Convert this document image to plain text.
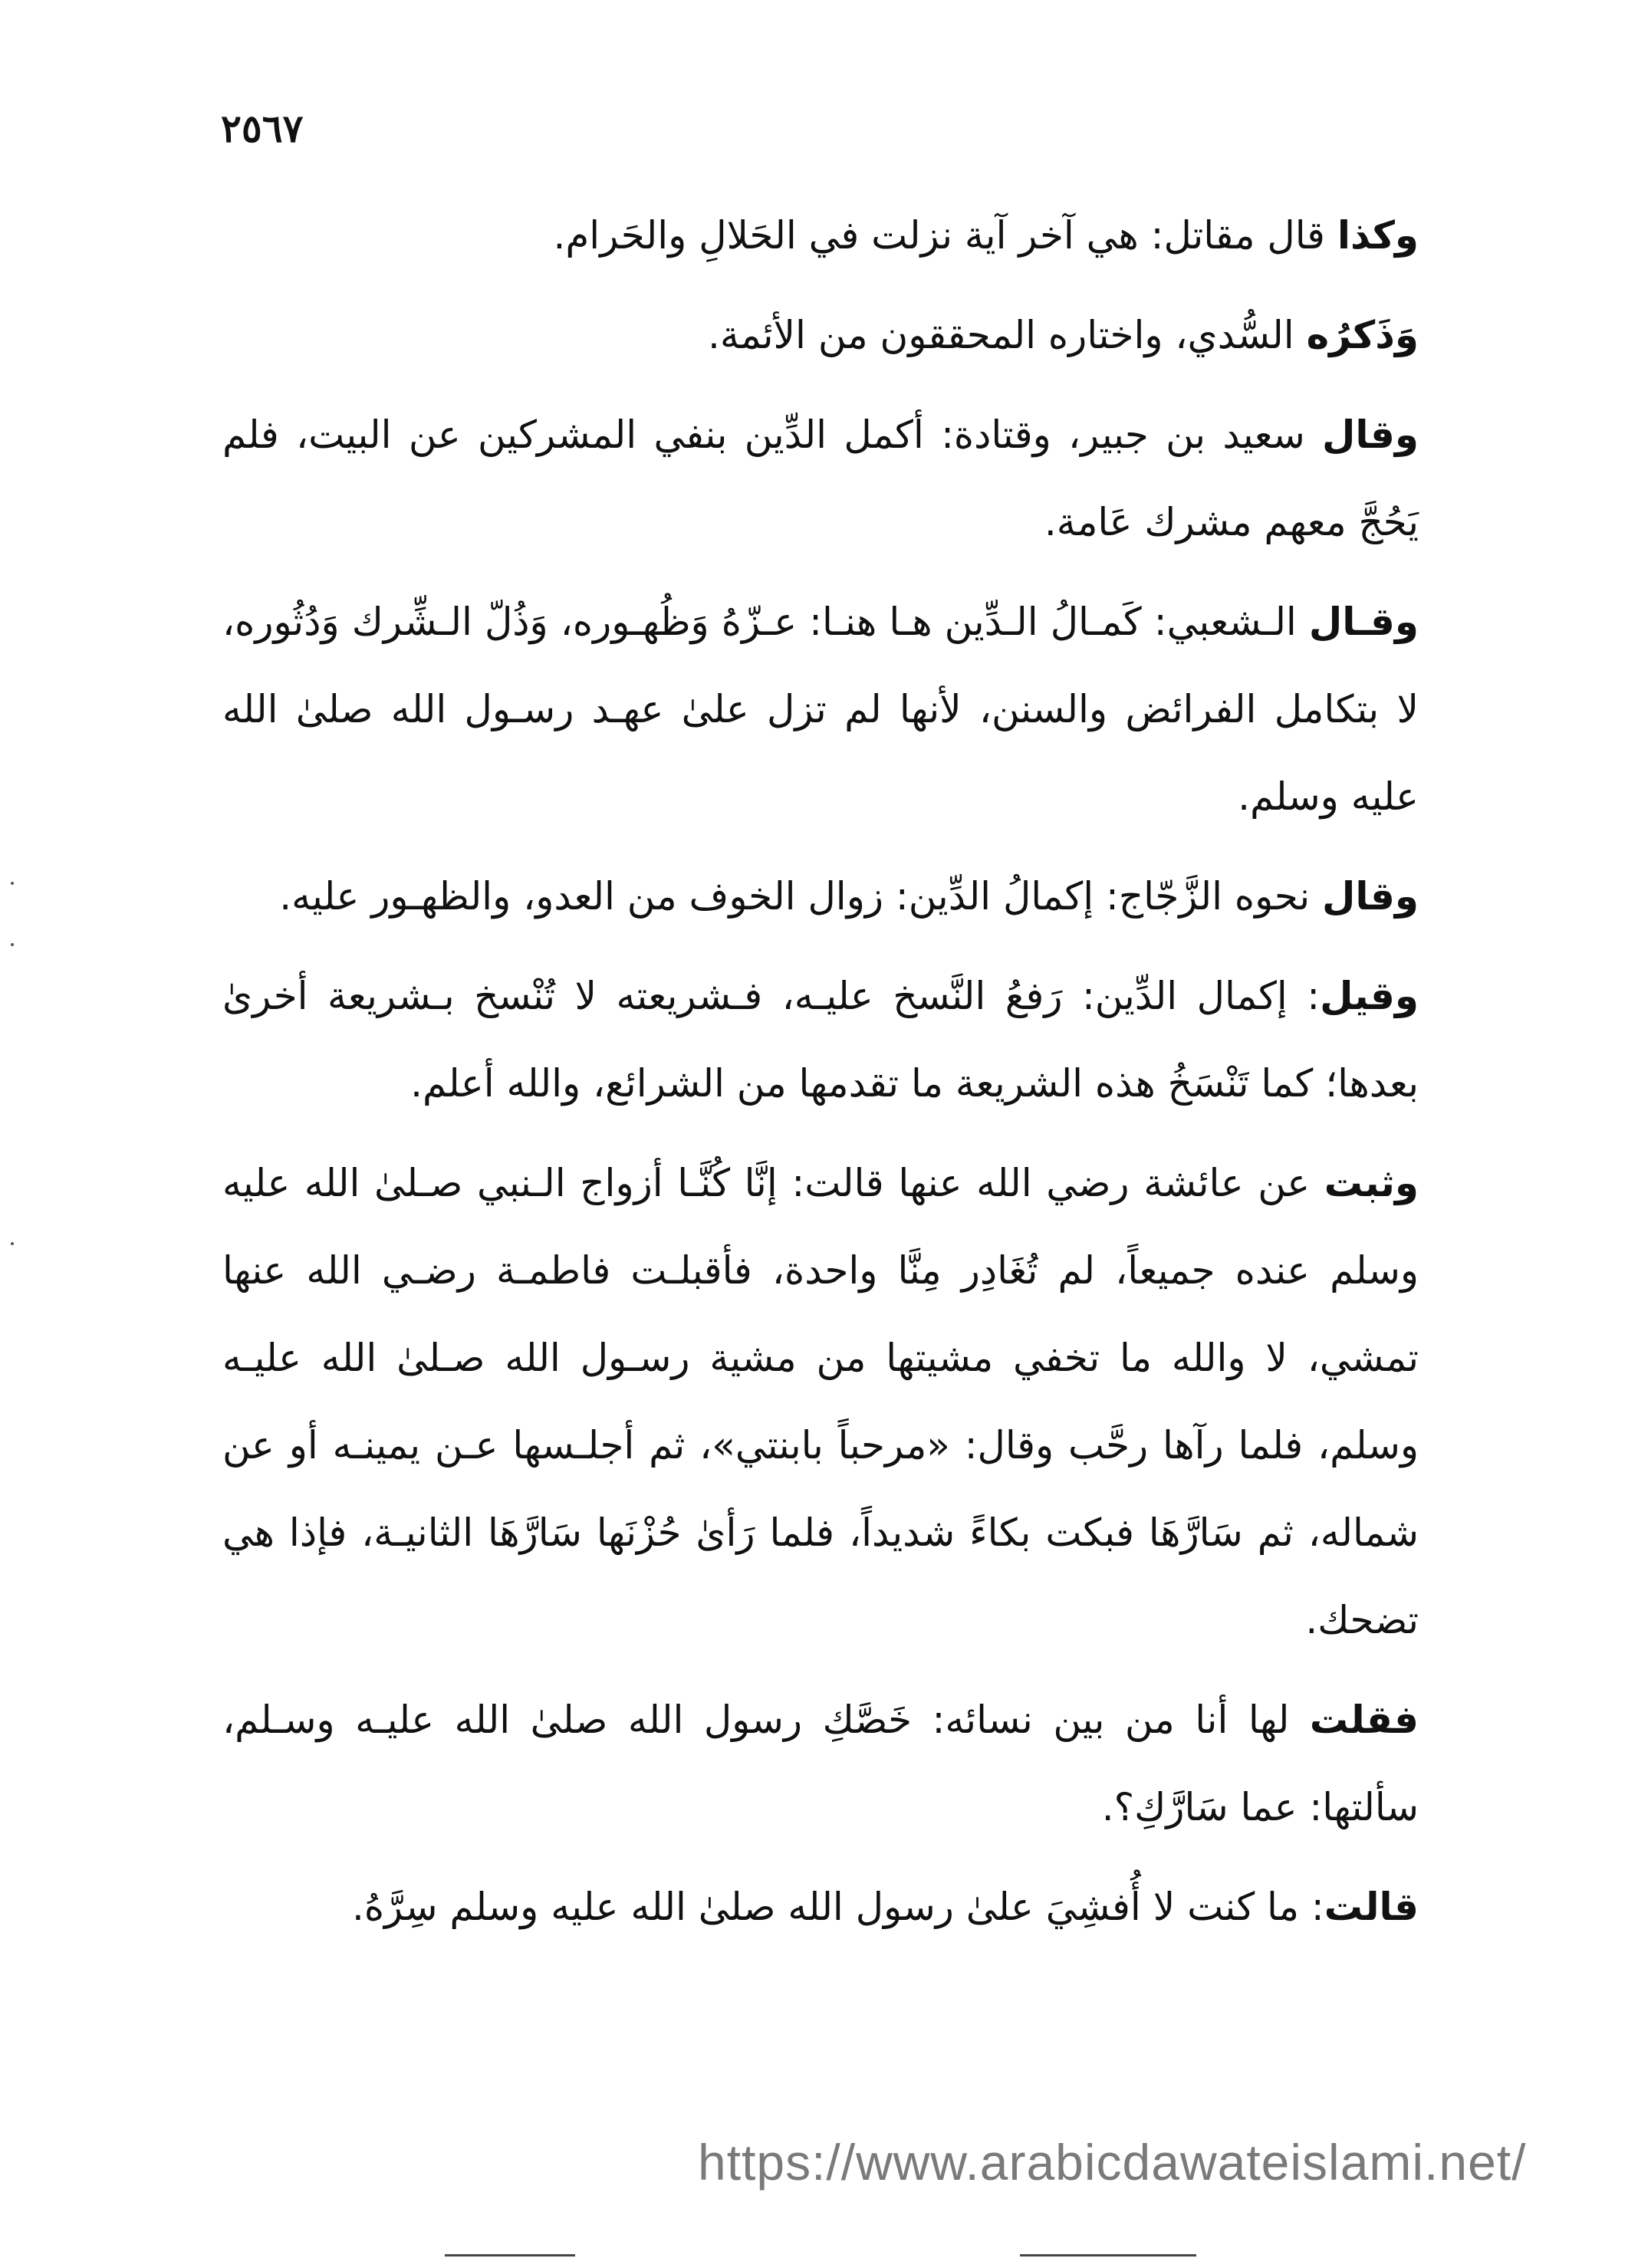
٢٥٦٧

وكذا قال مقاتل: هي آخر آية نزلت في الحَلالِ والحَرام.

وَذَكرُه السُّدي، واختاره المحققون من الأئمة.

وقال سعيد بن جبير، وقتادة: أكمل الدِّين بنفي المشركين عن البيت، فلم يَحُجَّ معهم مشرك عَامة.

وقـال الـشعبي: كَمـالُ الـدِّين هـا هنـا: عـزّهُ وَظُهـوره، وَذُلّ الـشِّرك وَدُثُوره، لا بتكامل الفرائض والسنن، لأنها لم تزل علىٰ عهـد رسـول الله صلىٰ الله عليه وسلم.

وقال نحوه الزَّجّاج: إكمالُ الدِّين: زوال الخوف من العدو، والظهـور عليه.

وقيل: إكمال الدِّين: رَفعُ النَّسخ عليـه، فـشريعته لا تُنْسخ بـشريعة أخرىٰ بعدها؛ كما تَنْسَخُ هذه الشريعة ما تقدمها من الشرائع، والله أعلم.

وثبت عن عائشة رضي الله عنها قالت: إنَّا كُنَّـا أزواج الـنبي صـلىٰ الله عليه وسلم عنده جميعاً، لم تُغَادِر مِنَّا واحدة، فأقبلـت فاطمـة رضـي الله عنها تمشي، لا والله ما تخفي مشيتها من مشية رسـول الله صـلىٰ الله عليـه وسلم، فلما رآها رحَّب وقال: «مرحباً بابنتي»، ثم أجلـسها عـن يمينـه أو عن شماله، ثم سَارَّهَا فبكت بكاءً شديداً، فلما رَأىٰ حُزْنَها سَارَّهَا الثانيـة، فإذا هي تضحك.

فقلت لها أنا من بين نسائه: خَصَّكِ رسول الله صلىٰ الله عليـه وسـلم، سألتها: عما سَارَّكِ؟.

قالت: ما كنت لا أُفشِيَ علىٰ رسول الله صلىٰ الله عليه وسلم سِرَّهُ.

https://www.arabicdawateislami.net/
